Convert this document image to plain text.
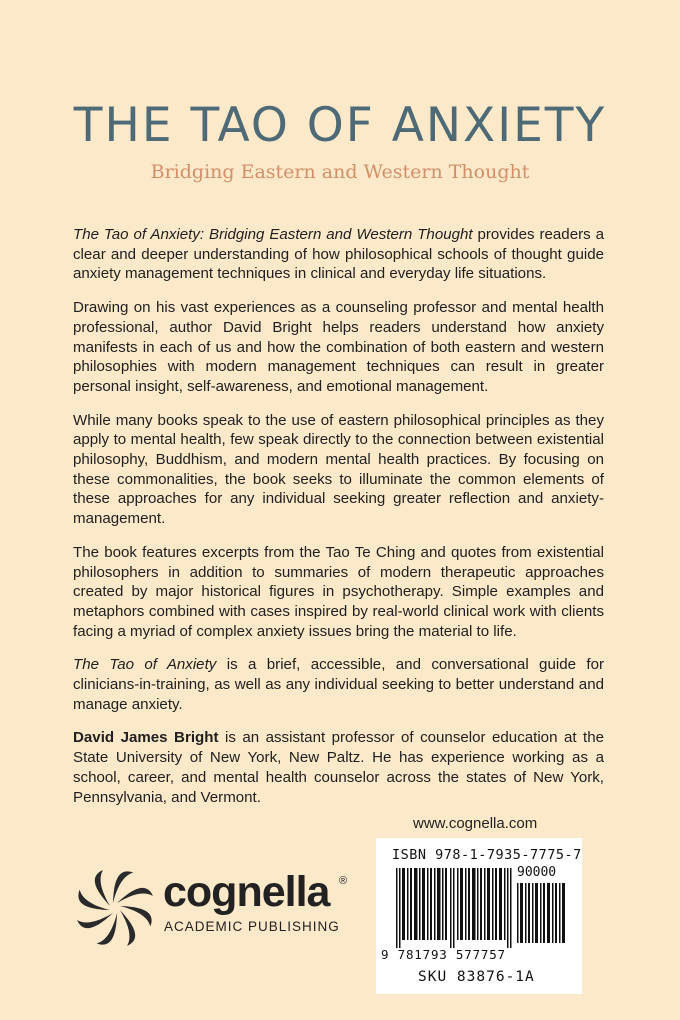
THE TAO OF ANXIETY
Bridging Eastern and Western Thought

The Tao of Anxiety: Bridging Eastern and Western Thought provides readers a clear and deeper understanding of how philosophical schools of thought guide anxiety management techniques in clinical and everyday life situations.

Drawing on his vast experiences as a counseling professor and mental health professional, author David Bright helps readers understand how anxiety manifests in each of us and how the combination of both eastern and western philosophies with modern management techniques can result in greater personal insight, self-awareness, and emotional management.

While many books speak to the use of eastern philosophical principles as they apply to mental health, few speak directly to the connection between existential philosophy, Buddhism, and modern mental health practices. By focusing on these commonalities, the book seeks to illuminate the common elements of these approaches for any individual seeking greater reflection and anxiety-management.

The book features excerpts from the Tao Te Ching and quotes from existential philosophers in addition to summaries of modern therapeutic approaches created by major historical figures in psychotherapy. Simple examples and metaphors combined with cases inspired by real-world clinical work with clients facing a myriad of complex anxiety issues bring the material to life.

The Tao of Anxiety is a brief, accessible, and conversational guide for clinicians-in-training, as well as any individual seeking to better understand and manage anxiety.

David James Bright is an assistant professor of counselor education at the State University of New York, New Paltz. He has experience working as a school, career, and mental health counselor across the states of New York, Pennsylvania, and Vermont.

www.cognella.com
ISBN 978-1-7935-7775-7
90000
9 781793 577757
SKU 83876-1A
cognella ®
ACADEMIC PUBLISHING
